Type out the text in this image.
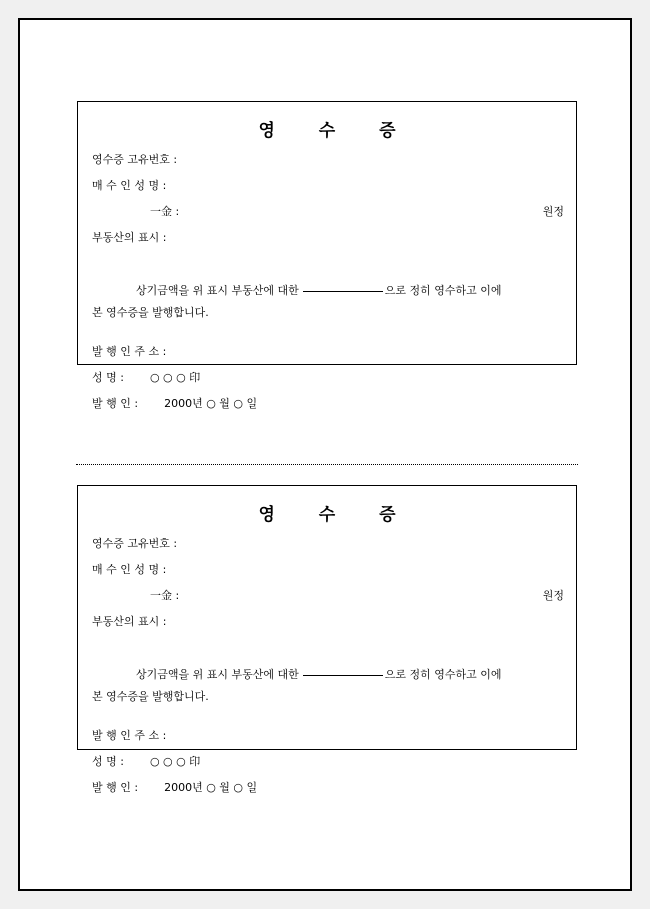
영 수 증
영수증 고유번호 :
매 수 인 성 명 :
一金 :	원정
부동산의 표시 :
상기금액을 위 표시 부동산에 대한	으로 정히 영수하고 이에
본 영수증을 발행합니다.
발 행 인 주 소 :
성 명 : ○ ○ ○ 印
발 행 인 : 2000년 ○ 월 ○ 일
영 수 증
영수증 고유번호 :
매 수 인 성 명 :
一金 :	원정
부동산의 표시 :
상기금액을 위 표시 부동산에 대한	으로 정히 영수하고 이에
본 영수증을 발행합니다.
발 행 인 주 소 :
성 명 : ○ ○ ○ 印
발 행 인 : 2000년 ○ 월 ○ 일
